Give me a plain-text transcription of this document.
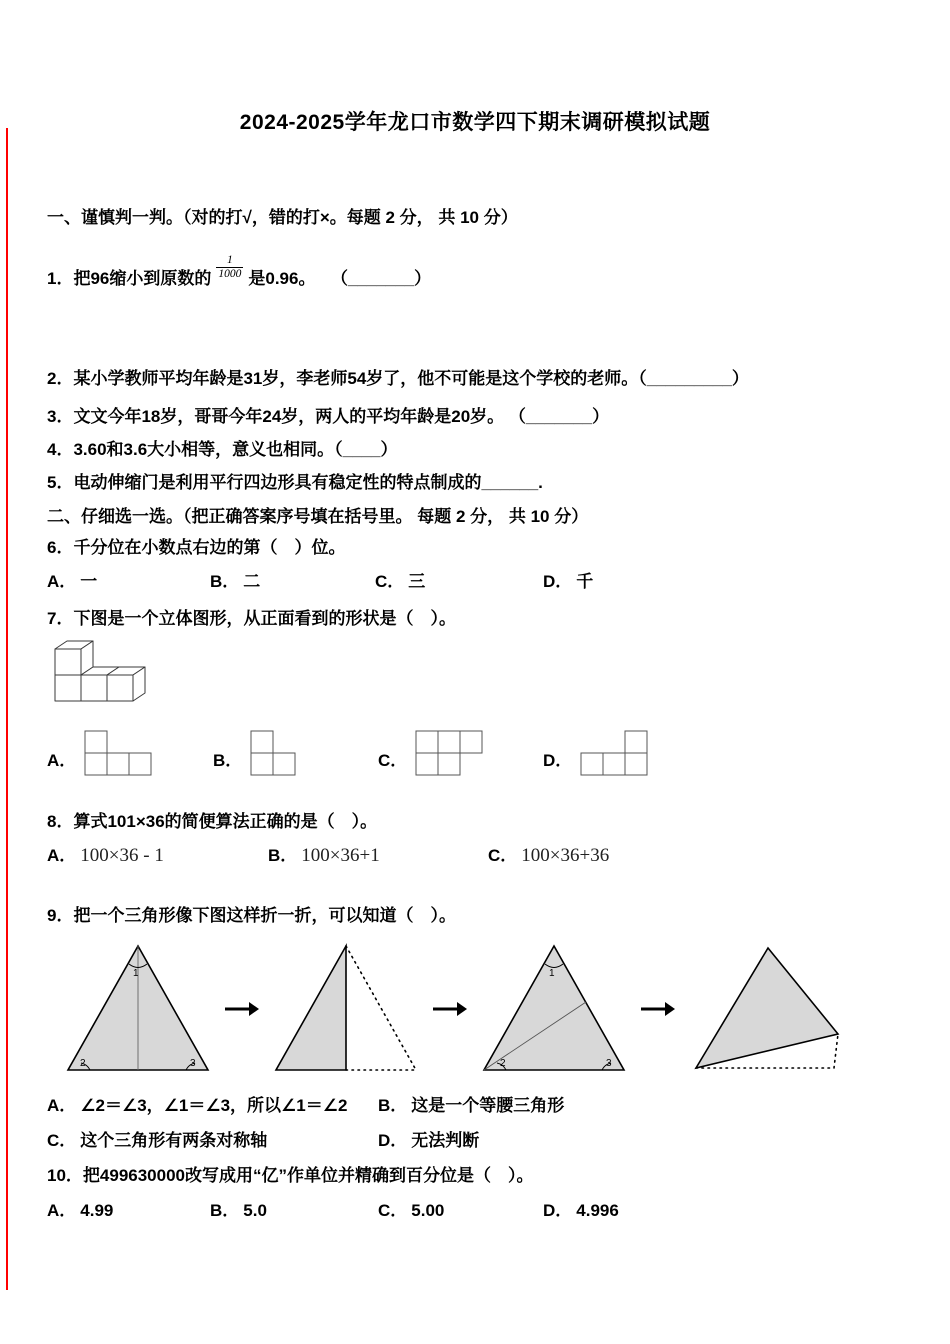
2024-2025学年龙口市数学四下期末调研模拟试题
一、谨慎判一判。（对的打√，错的打×。每题 2 分， 共 10 分）
1．把96缩小到原数的 $\frac{1}{1000}$ 是0.96。 （_______）
2．某小学教师平均年龄是31岁，李老师54岁了，他不可能是这个学校的老师。（_________）
3．文文今年18岁，哥哥今年24岁，两人的平均年龄是20岁。 （_______）
4．3.60和3.6大小相等，意义也相同。（____）
5．电动伸缩门是利用平行四边形具有稳定性的特点制成的______.
二、仔细选一选。（把正确答案序号填在括号里。 每题 2 分， 共 10 分）
6．千分位在小数点右边的第（　）位。
A． 一	B． 二	C． 三	D． 千
7．下图是一个立体图形，从正面看到的形状是（　）。
A．	B．	C．	D．
8．算式101×36的简便算法正确的是（　）。
A． 100×36 - 1	B． 100×36+1	C． 100×36+36
9．把一个三角形像下图这样折一折，可以知道（　）。
1
2	3
1
2	3
A． ∠2＝∠3，∠1＝∠3，所以∠1＝∠2	B． 这是一个等腰三角形
C． 这个三角形有两条对称轴	D． 无法判断
10．把499630000改写成用“亿”作单位并精确到百分位是（　）。
A． 4.99	B． 5.0	C． 5.00	D． 4.996
